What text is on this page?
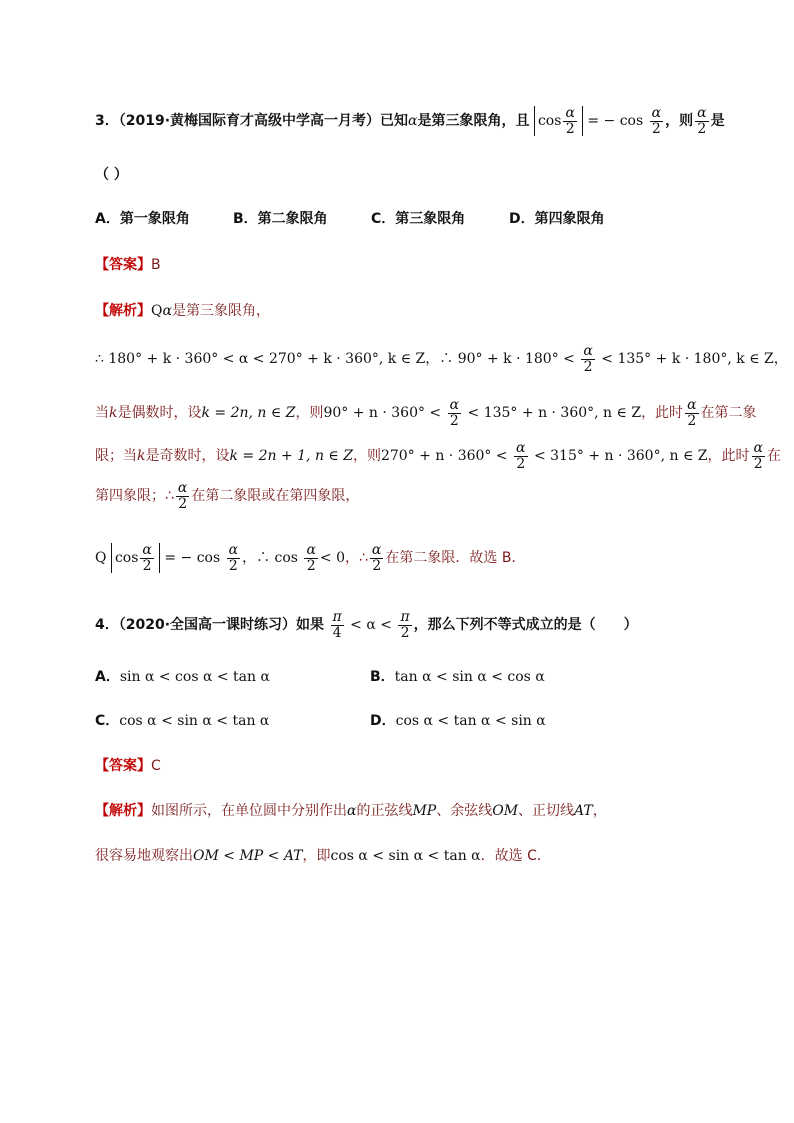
3．（2019·黄梅国际育才高级中学高一月考）已知α是第三象限角，且 $\cos \frac{\alpha}{2}$ = − $\cos \frac{\alpha}{2}$ ，则 $\frac{\alpha}{2}$ 是
（ ）
A．第一象限角	B．第二象限角	C．第三象限角	D．第四象限角
【答案】B
【解析】Qα是第三象限角，
∴ 180° + k · 360° < α < 270° + k · 360°, k ∈ Z，∴ $90^\circ + k \cdot 180^\circ < \frac{\alpha}{2} < 135^\circ + k \cdot 180^\circ$, k ∈ Z，
当k是偶数时，设k = 2n, n ∈ Z，则$90^\circ + n \cdot 360^\circ < \frac{\alpha}{2} < 135^\circ + n \cdot 360^\circ$, n ∈ Z，此时 $\frac{\alpha}{2}$ 在第二象
限；当k是奇数时，设k = 2n + 1, n ∈ Z，则$270^\circ + n \cdot 360^\circ < \frac{\alpha}{2} < 315^\circ + n \cdot 360^\circ$, n ∈ Z，此时 $\frac{\alpha}{2}$ 在
第四象限；∴ $\frac{\alpha}{2}$ 在第二象限或在第四象限，
Q $\cos \frac{\alpha}{2}$ = − $\cos \frac{\alpha}{2}$ ，∴ $\cos \frac{\alpha}{2} < 0$，∴ $\frac{\alpha}{2}$ 在第二象限．故选 B．
4．（2020·全国高一课时练习）如果 $\frac{\pi}{4} < \alpha < \frac{\pi}{2}$ ，那么下列不等式成立的是（　　）
A．sin α < cos α < tan α	B．tan α < sin α < cos α
C．cos α < sin α < tan α	D．cos α < tan α < sin α
【答案】C
【解析】如图所示，在单位圆中分别作出α的正弦线MP、余弦线OM、正切线AT，
很容易地观察出OM < MP < AT，即cos α < sin α < tan α．故选 C．
